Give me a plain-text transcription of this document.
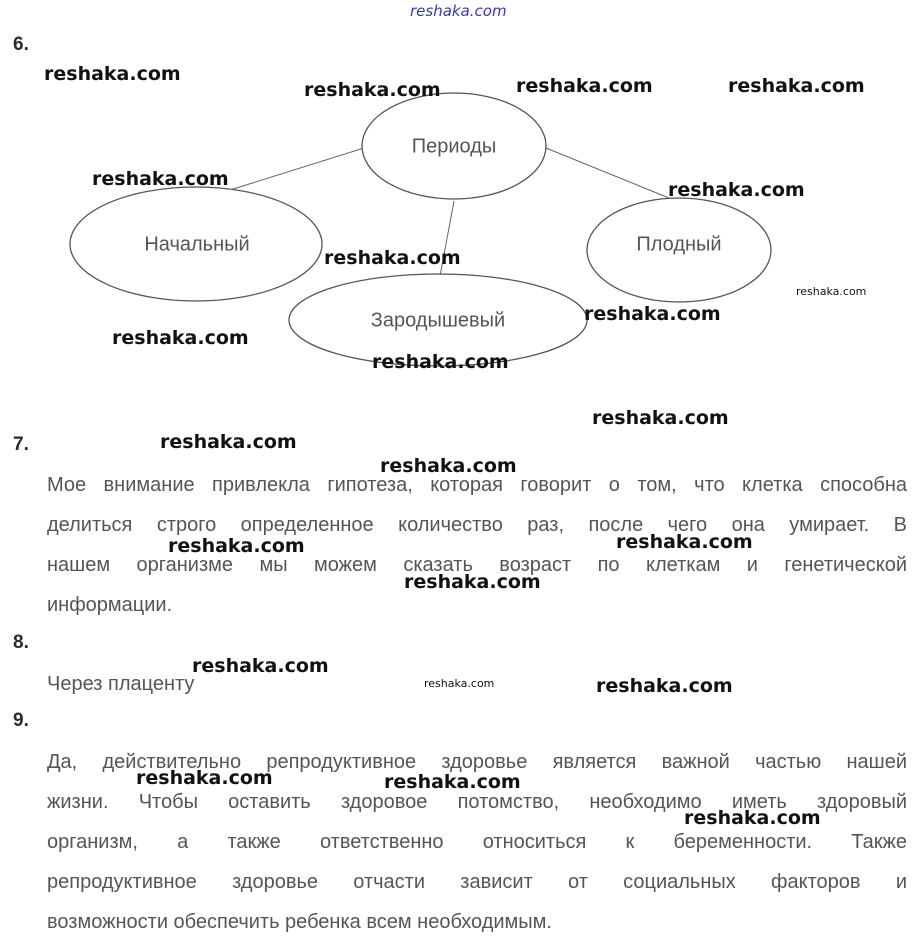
reshaka.com
6.
Периоды
Начальный
Зародышевый
Плодный
7.
Мое внимание привлекла гипотеза, которая говорит о том, что клетка способна
делиться строго определенное количество раз, после чего она умирает. В
нашем организме мы можем сказать возраст по клеткам и генетической
информации.
8.
Через плаценту
9.
Да, действительно репродуктивное здоровье является важной частью нашей
жизни. Чтобы оставить здоровое потомство, необходимо иметь здоровый
организм, а также ответственно относиться к беременности. Также
репродуктивное здоровье отчасти зависит от социальных факторов и
возможности обеспечить ребенка всем необходимым.
reshaka.com
reshaka.com	reshaka.com	reshaka.com
reshaka.com	reshaka.com
reshaka.com
reshaka.com
reshaka.com
reshaka.com
reshaka.com
reshaka.com
reshaka.com
reshaka.com
reshaka.com	reshaka.com
reshaka.com
reshaka.com
reshaka.com	reshaka.com
reshaka.com	reshaka.com
reshaka.com
